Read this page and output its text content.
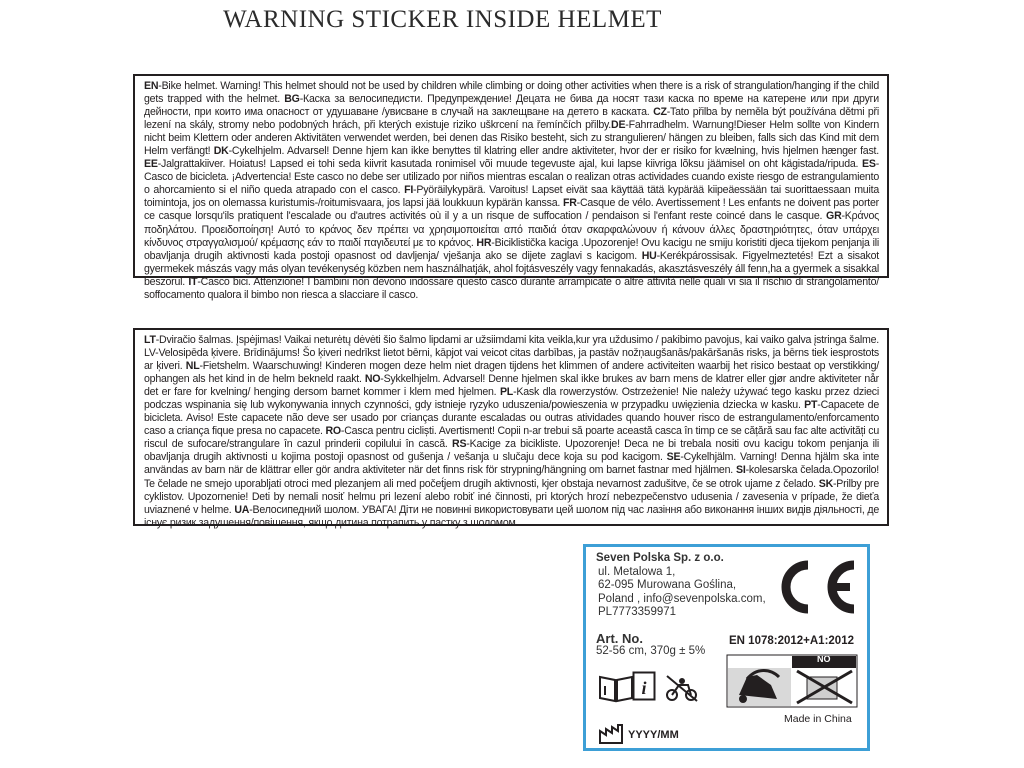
WARNING STICKER INSIDE HELMET
EN-Bike helmet. Warning! This helmet should not be used by children while climbing or doing other activities when there is a risk of strangulation/hanging if the child gets trapped with the helmet. BG-Каска за велосипедисти. Предупреждение! Децата не бива да носят тази каска по време на катерене или при други дейности, при които има опасност от удушаване /увисване в случай на заклещване на детето в каската. CZ-Tato přilba by neměla být používána dětmi při lezení na skály, stromy nebo podobných hrách, při kterých existuje riziko uškrcení na řemínčích přilby.DE-Fahrradhelm. Warnung!Dieser Helm sollte von Kindern nicht beim Klettern oder anderen Aktivitäten verwendet werden, bei denen das Risiko besteht, sich zu strangulieren/ hängen zu bleiben, falls sich das Kind mit dem Helm verfängt! DK-Cykelhjelm. Advarsel! Denne hjem kan ikke benyttes til klatring eller andre aktiviteter, hvor der er risiko for kvælning, hvis hjelmen hænger fast. EE-Jalgrattakiiver. Hoiatus! Lapsed ei tohi seda kiivrit kasutada ronimisel või muude tegevuste ajal, kui lapse kiivriga lõksu jäämisel on oht kägistada/ripuda. ES-Casco de bicicleta. ¡Advertencia! Este casco no debe ser utilizado por niños mientras escalan o realizan otras actividades cuando existe riesgo de estrangulamiento o ahorcamiento si el niño queda atrapado con el casco. FI-Pyöräilykypärä. Varoitus! Lapset eivät saa käyttää tätä kypärää kiipeäessään tai suorittaessaan muita toimintoja, jos on olemassa kuristumis-/roitumisvaara, jos lapsi jää loukkuun kypärän kanssa. FR-Casque de vélo. Avertissement ! Les enfants ne doivent pas porter ce casque lorsqu'ils pratiquent l'escalade ou d'autres activités où il y a un risque de suffocation / pendaison si l'enfant reste coincé dans le casque. GR-Κράνος ποδηλάτου. Προειδοποίηση! Αυτό το κράνος δεν πρέπει να χρησιμοποιείται από παιδιά όταν σκαρφαλώνουν ή κάνουν άλλες δραστηριότητες, όταν υπάρχει κίνδυνος στραγγαλισμού/ κρέμασης εάν το παιδί παγιδευτεί με το κράνος. HR-Biciklistička kaciga .Upozorenje! Ovu kacigu ne smiju koristiti djeca tijekom penjanja ili obavljanja drugih aktivnosti kada postoji opasnost od davljenja/ vješanja ako se dijete zaglavi s kacigom. HU-Kerékpárossisak. Figyelmeztetés! Ezt a sisakot gyermekek mászás vagy más olyan tevékenység közben nem használhatják, ahol fojtásveszély vagy fennakadás, akasztásveszély áll fenn,ha a gyermek a sisakkal beszorul. IT-Casco bici. Attenzione! I bambini non devono indossare questo casco durante arrampicate o altre attività nelle quali vi sia il rischio di strangolamento/ soffocamento qualora il bimbo non riesca a slacciare il casco.
LT-Dviračio šalmas. Įspėjimas! Vaikai neturėtų dėvėti šio šalmo lipdami ar užsiimdami kita veikla,kur yra uždusimo / pakibimo pavojus, kai vaiko galva įstringa šalme. LV-Velosipēda ķivere. Brīdinājums! Šo ķiveri nedrīkst lietot bērni, kāpjot vai veicot citas darbības, ja pastāv nožņaugšanās/pakāršanās risks, ja bērns tiek iesprostots ar ķiveri. NL-Fietshelm. Waarschuwing! Kinderen mogen deze helm niet dragen tijdens het klimmen of andere activiteiten waarbij het risico bestaat op verstikking/ ophangen als het kind in de helm bekneld raakt. NO-Sykkelhjelm. Advarsel! Denne hjelmen skal ikke brukes av barn mens de klatrer eller gjør andre aktiviteter når det er fare for kvelning/ henging dersom barnet kommer i klem med hjelmen. PL-Kask dla rowerzystów. Ostrzeżenie! Nie należy używać tego kasku przez dzieci podczas wspinania się lub wykonywania innych czynności, gdy istnieje ryzyko uduszenia/powieszenia w przypadku uwięzienia dziecka w kasku. PT-Capacete de bicicleta. Aviso! Este capacete não deve ser usado por crianças durante escaladas ou outras atividades quando houver risco de estrangulamento/enforcamento caso a criança fique presa no capacete. RO-Casca pentru cicliști. Avertisment! Copii n-ar trebui să poarte această casca în timp ce se cățără sau fac alte activități cu riscul de sufocare/strangulare în cazul prinderii copilului în cască. RS-Kacige za bicikliste. Upozorenje! Deca ne bi trebala nositi ovu kacigu tokom penjanja ili obavljanja drugih aktivnosti u kojima postoji opasnost od gušenja / vešanja u slučaju dece koja su pod kacigom. SE-Cykelhjälm. Varning! Denna hjälm ska inte användas av barn när de klättrar eller gör andra aktiviteter när det finns risk för strypning/hängning om barnet fastnar med hjälmen. SI-kolesarska čelada.Opozorilo! Te čelade ne smejo uporabljati otroci med plezanjem ali med počet́jem drugih aktivnosti, kjer obstaja nevarnost zadušitve, če se otrok ujame z čelado. SK-Prilby pre cyklistov. Upozornenie! Deti by nemali nosiť helmu pri lezení alebo robiť iné činnosti, pri ktorých hrozí nebezpečenstvo udusenia / zavesenia v prípade, že dieťa uviaznené v helme. UA-Велосипедний шолом. УВАГА! Діти не повинні використовувати цей шолом під час лазіння або виконання інших видів діяльності, де існує ризик задушення/повішення, якщо дитина потрапить у пастку з шоломом.
Seven Polska Sp. z o.o.
ul. Metalowa 1,
62-095 Murowana Goślina,
Poland , info@sevenpolska.com,
PL7773359971
Art. No.
52-56 cm, 370g ± 5%
EN 1078:2012+A1:2012
i
NO
Made in China
YYYY/MM
